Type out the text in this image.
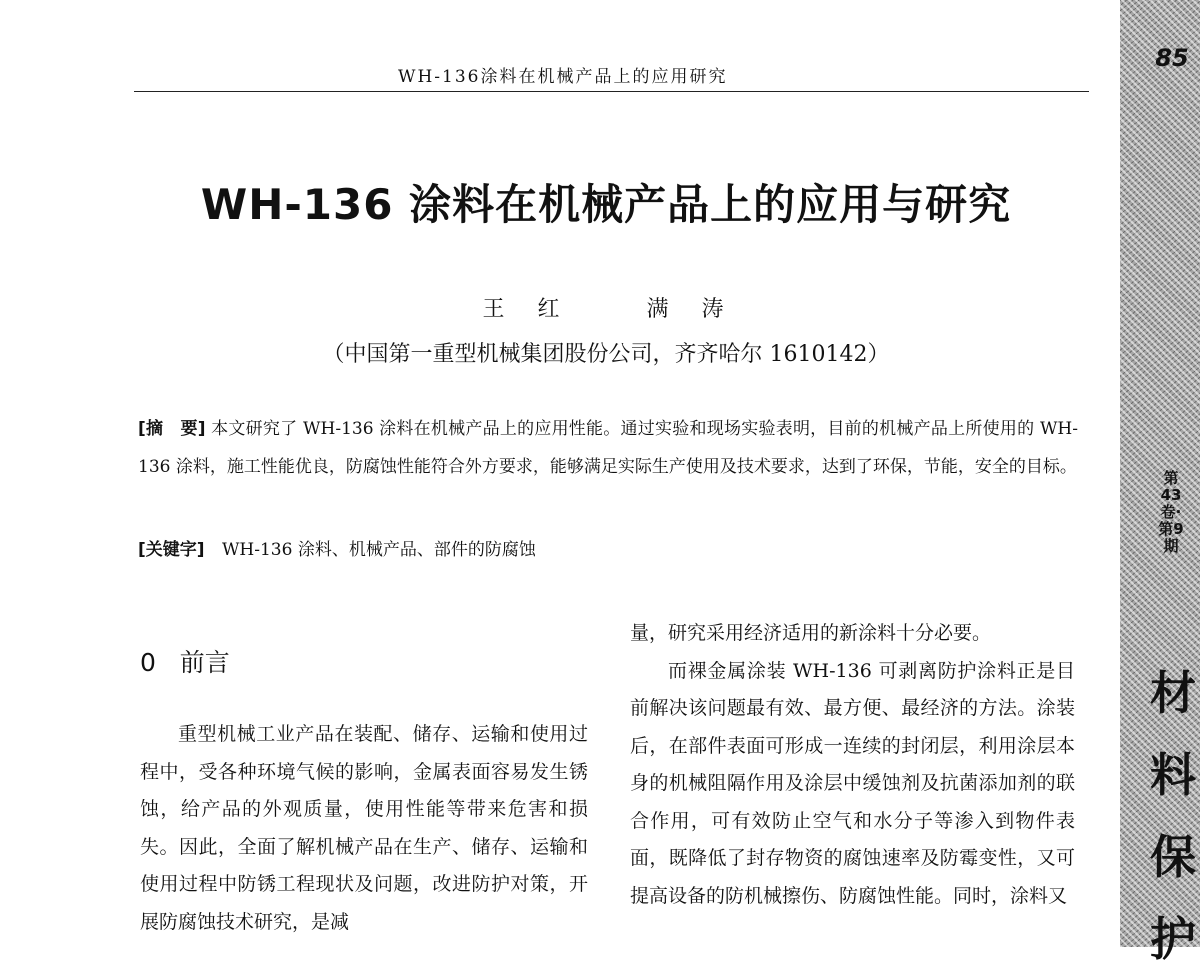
WH-136涂料在机械产品上的应用研究
WH-136 涂料在机械产品上的应用与研究
王 红   满 涛
（中国第一重型机械集团股份公司，齐齐哈尔 1610142）
[摘　要] 本文研究了 WH-136 涂料在机械产品上的应用性能。通过实验和现场实验表明，目前的机械产品上所使用的 WH-136 涂料，施工性能优良，防腐蚀性能符合外方要求，能够满足实际生产使用及技术要求，达到了环保，节能，安全的目标。
[关键字] WH-136 涂料、机械产品、部件的防腐蚀
0   前言

重型机械工业产品在装配、储存、运输和使用过程中，受各种环境气候的影响，金属表面容易发生锈蚀，给产品的外观质量，使用性能等带来危害和损失。因此，全面了解机械产品在生产、储存、运输和使用过程中防锈工程现状及问题，改进防护对策，开展防腐蚀技术研究，是减

量，研究采用经济适用的新涂料十分必要。

而裸金属涂装 WH-136 可剥离防护涂料正是目前解决该问题最有效、最方便、最经济的方法。涂装后，在部件表面可形成一连续的封闭层，利用涂层本身的机械阻隔作用及涂层中缓蚀剂及抗菌添加剂的联合作用，可有效防止空气和水分子等渗入到物件表面，既降低了封存物资的腐蚀速率及防霉变性，又可提高设备的防机械擦伤、防腐蚀性能。同时，涂料又

85
第43卷·第9期
材料保护
